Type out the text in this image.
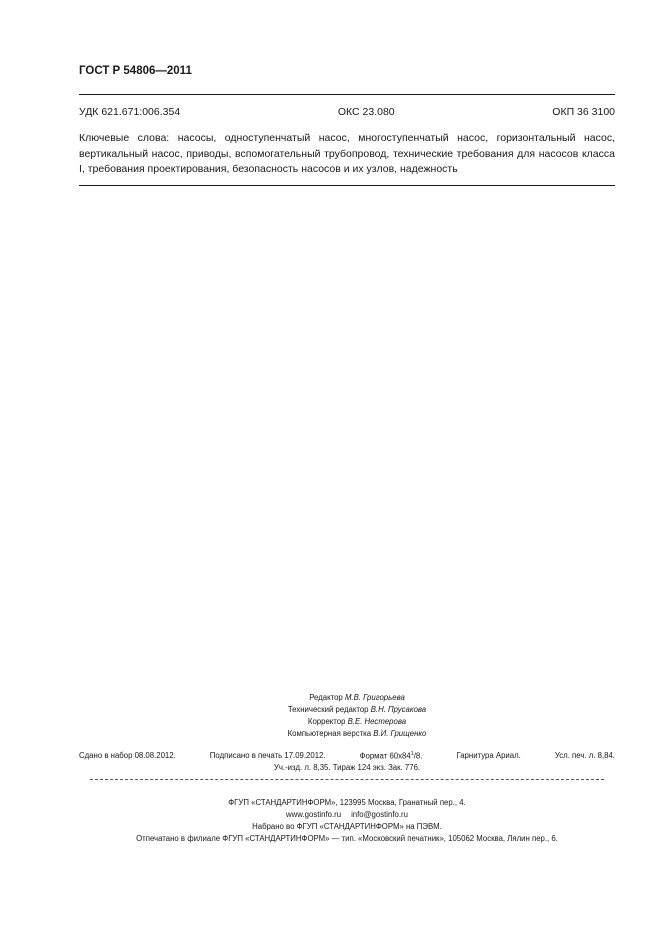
ГОСТ Р 54806—2011
УДК 621.671:006.354	ОКС 23.080	ОКП 36 3100
Ключевые слова: насосы, одноступенчатый насос, многоступенчатый насос, горизонтальный насос, вертикальный насос, приводы, вспомогательный трубопровод, технические требования для насосов класса I, требования проектирования, безопасность насосов и их узлов, надежность
Редактор М.В. Григорьева
Технический редактор В.Н. Прусакова
Корректор В.Е. Нестерова
Компьютерная верстка В.И. Грищенко
Сдано в набор 08.08.2012.	Подписано в печать 17.09.2012.	Формат $60х84^1/8$.	Гарнитура Ариал.	Усл. печ. л. 8,84.
Уч.-изд. л. 8,35. Тираж 124 экз. Зак. 776.
ФГУП «СТАНДАРТИНФОРМ», 123995 Москва, Гранатный пер., 4.
www.gostinfo.ru info@gostinfo.ru
Набрано во ФГУП «СТАНДАРТИНФОРМ» на ПЭВМ.
Отпечатано в филиале ФГУП «СТАНДАРТИНФОРМ» — тип. «Московский печатник», 105062 Москва, Лялин пер., 6.
